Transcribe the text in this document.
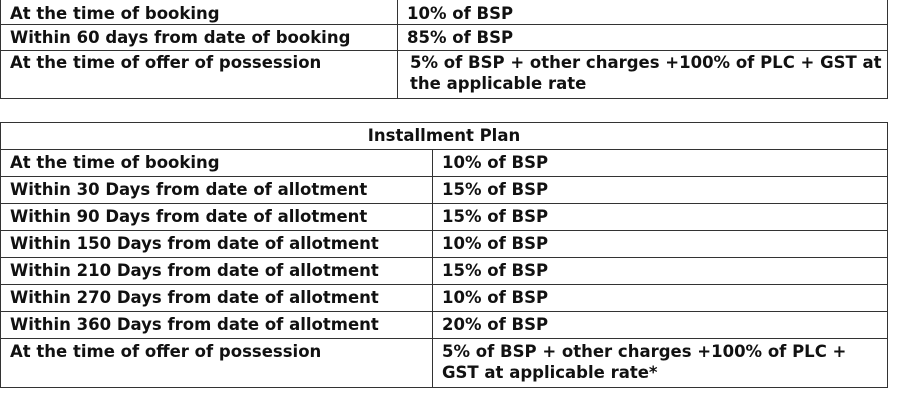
At the time of booking	10% of BSP
Within 60 days from date of booking	85% of BSP
At the time of offer of possession	5% of BSP + other charges +100% of PLC + GST at the applicable rate
Installment Plan	
At the time of booking	10% of BSP
Within 30 Days from date of allotment	15% of BSP
Within 90 Days from date of allotment	15% of BSP
Within 150 Days from date of allotment	10% of BSP
Within 210 Days from date of allotment	15% of BSP
Within 270 Days from date of allotment	10% of BSP
Within 360 Days from date of allotment	20% of BSP
At the time of offer of possession	5% of BSP + other charges +100% of PLC + GST at applicable rate*
